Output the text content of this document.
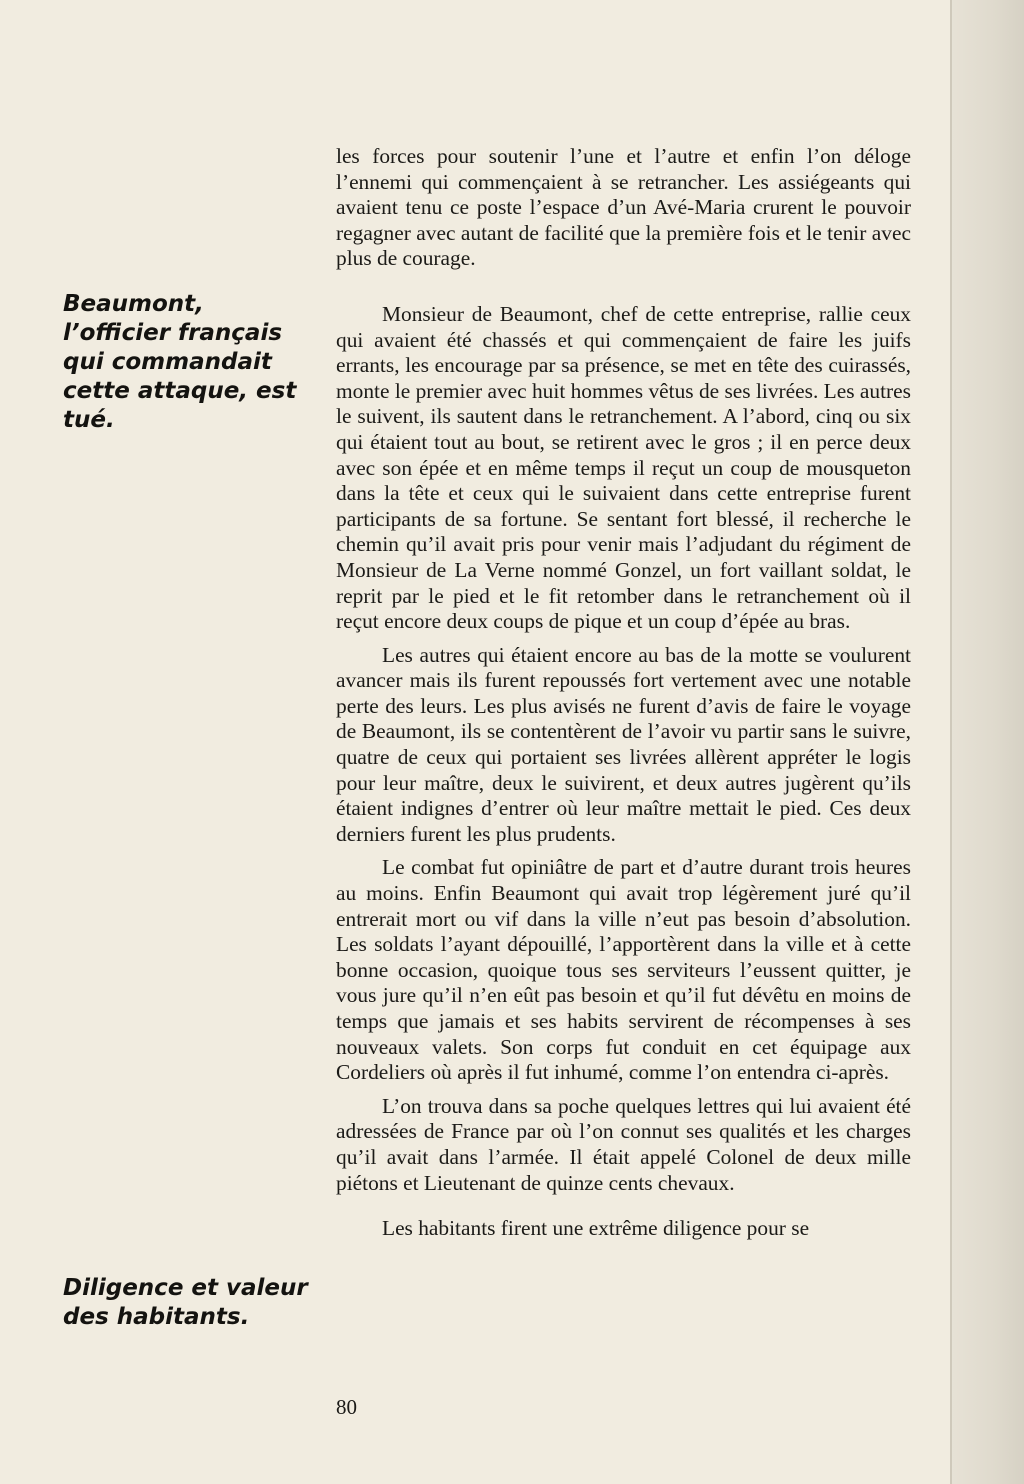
Beaumont, l’officier français qui commandait cette attaque, est tué.

Diligence et valeur des habitants.

les forces pour soutenir l’une et l’autre et enfin l’on déloge l’ennemi qui commençaient à se retrancher. Les assiégeants qui avaient tenu ce poste l’espace d’un Avé-Maria crurent le pouvoir regagner avec autant de facilité que la première fois et le tenir avec plus de courage.

Monsieur de Beaumont, chef de cette entreprise, rallie ceux qui avaient été chassés et qui commençaient de faire les juifs errants, les encourage par sa présence, se met en tête des cuirassés, monte le premier avec huit hommes vêtus de ses livrées. Les autres le suivent, ils sautent dans le retranchement. A l’abord, cinq ou six qui étaient tout au bout, se retirent avec le gros ; il en perce deux avec son épée et en même temps il reçut un coup de mousqueton dans la tête et ceux qui le suivaient dans cette entreprise furent participants de sa fortune. Se sentant fort blessé, il recherche le chemin qu’il avait pris pour venir mais l’adjudant du régiment de Monsieur de La Verne nommé Gonzel, un fort vaillant soldat, le reprit par le pied et le fit retomber dans le retranchement où il reçut encore deux coups de pique et un coup d’épée au bras.

Les autres qui étaient encore au bas de la motte se voulurent avancer mais ils furent repoussés fort vertement avec une notable perte des leurs. Les plus avisés ne furent d’avis de faire le voyage de Beaumont, ils se contentèrent de l’avoir vu partir sans le suivre, quatre de ceux qui portaient ses livrées allèrent appréter le logis pour leur maître, deux le suivirent, et deux autres jugèrent qu’ils étaient indignes d’entrer où leur maître mettait le pied. Ces deux derniers furent les plus prudents.

Le combat fut opiniâtre de part et d’autre durant trois heures au moins. Enfin Beaumont qui avait trop légèrement juré qu’il entrerait mort ou vif dans la ville n’eut pas besoin d’absolution. Les soldats l’ayant dépouillé, l’apportèrent dans la ville et à cette bonne occasion, quoique tous ses serviteurs l’eussent quitter, je vous jure qu’il n’en eût pas besoin et qu’il fut dévêtu en moins de temps que jamais et ses habits servirent de récompenses à ses nouveaux valets. Son corps fut conduit en cet équipage aux Cordeliers où après il fut inhumé, comme l’on entendra ci-après.

L’on trouva dans sa poche quelques lettres qui lui avaient été adressées de France par où l’on connut ses qualités et les charges qu’il avait dans l’armée. Il était appelé Colonel de deux mille piétons et Lieutenant de quinze cents chevaux.

Les habitants firent une extrême diligence pour se

80
